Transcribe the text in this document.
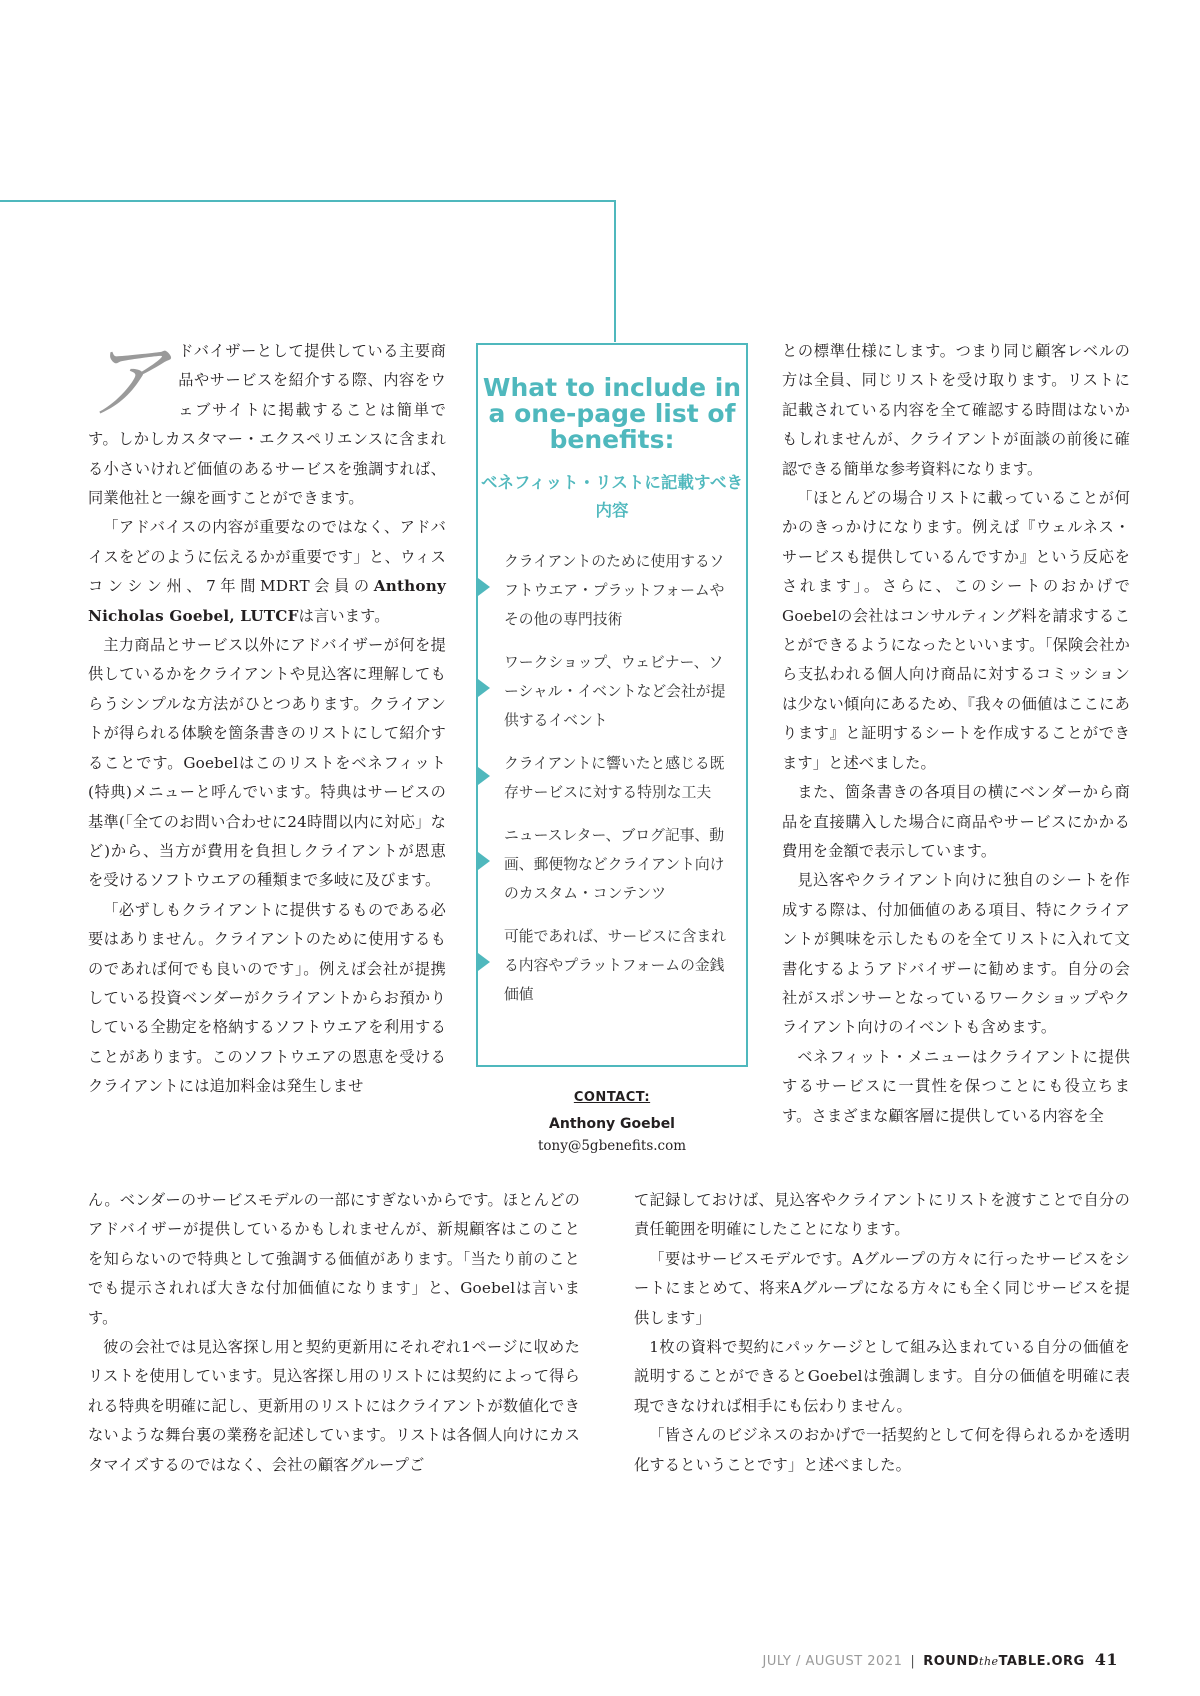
アドバイザーとして提供している主要商品やサービスを紹介する際、内容をウェブサイトに掲載することは簡単です。しかしカスタマー・エクスペリエンスに含まれる小さいけれど価値のあるサービスを強調すれば、同業他社と一線を画すことができます。

「アドバイスの内容が重要なのではなく、アドバイスをどのように伝えるかが重要です」と、ウィスコンシン州、7年間MDRT会員のAnthony Nicholas Goebel, LUTCFは言います。

主力商品とサービス以外にアドバイザーが何を提供しているかをクライアントや見込客に理解してもらうシンプルな方法がひとつあります。クライアントが得られる体験を箇条書きのリストにして紹介することです。Goebelはこのリストをベネフィット(特典)メニューと呼んでいます。特典はサービスの基準(「全てのお問い合わせに24時間以内に対応」など)から、当方が費用を負担しクライアントが恩恵を受けるソフトウエアの種類まで多岐に及びます。

「必ずしもクライアントに提供するものである必要はありません。クライアントのために使用するものであれば何でも良いのです」。例えば会社が提携している投資ベンダーがクライアントからお預かりしている全勘定を格納するソフトウエアを利用することがあります。このソフトウエアの恩恵を受けるクライアントには追加料金は発生しませ

What to include in a one-page list of benefits:
ベネフィット・リストに記載すべき内容
クライアントのために使用するソフトウエア・プラットフォームやその他の専門技術
ワークショップ、ウェビナー、ソーシャル・イベントなど会社が提供するイベント
クライアントに響いたと感じる既存サービスに対する特別な工夫
ニュースレター、ブログ記事、動画、郵便物などクライアント向けのカスタム・コンテンツ
可能であれば、サービスに含まれる内容やプラットフォームの金銭価値
CONTACT:
Anthony Goebel
tony@5gbenefits.com

との標準仕様にします。つまり同じ顧客レベルの方は全員、同じリストを受け取ります。リストに記載されている内容を全て確認する時間はないかもしれませんが、クライアントが面談の前後に確認できる簡単な参考資料になります。

「ほとんどの場合リストに載っていることが何かのきっかけになります。例えば『ウェルネス・サービスも提供しているんですか』という反応をされます」。さらに、このシートのおかげでGoebelの会社はコンサルティング料を請求することができるようになったといいます。「保険会社から支払われる個人向け商品に対するコミッションは少ない傾向にあるため、『我々の価値はここにあります』と証明するシートを作成することができます」と述べました。

また、箇条書きの各項目の横にベンダーから商品を直接購入した場合に商品やサービスにかかる費用を金額で表示しています。

見込客やクライアント向けに独自のシートを作成する際は、付加価値のある項目、特にクライアントが興味を示したものを全てリストに入れて文書化するようアドバイザーに勧めます。自分の会社がスポンサーとなっているワークショップやクライアント向けのイベントも含めます。

ベネフィット・メニューはクライアントに提供するサービスに一貫性を保つことにも役立ちます。さまざまな顧客層に提供している内容を全

ん。ベンダーのサービスモデルの一部にすぎないからです。ほとんどのアドバイザーが提供しているかもしれませんが、新規顧客はこのことを知らないので特典として強調する価値があります。「当たり前のことでも提示されれば大きな付加価値になります」と、Goebelは言います。

彼の会社では見込客探し用と契約更新用にそれぞれ1ページに収めたリストを使用しています。見込客探し用のリストには契約によって得られる特典を明確に記し、更新用のリストにはクライアントが数値化できないような舞台裏の業務を記述しています。リストは各個人向けにカスタマイズするのではなく、会社の顧客グループご

て記録しておけば、見込客やクライアントにリストを渡すことで自分の責任範囲を明確にしたことになります。

「要はサービスモデルです。Aグループの方々に行ったサービスをシートにまとめて、将来Aグループになる方々にも全く同じサービスを提供します」

1枚の資料で契約にパッケージとして組み込まれている自分の価値を説明することができるとGoebelは強調します。自分の価値を明確に表現できなければ相手にも伝わりません。

「皆さんのビジネスのおかげで一括契約として何を得られるかを透明化するということです」と述べました。

JULY / AUGUST 2021 | ROUNDtheTABLE.ORG 41
